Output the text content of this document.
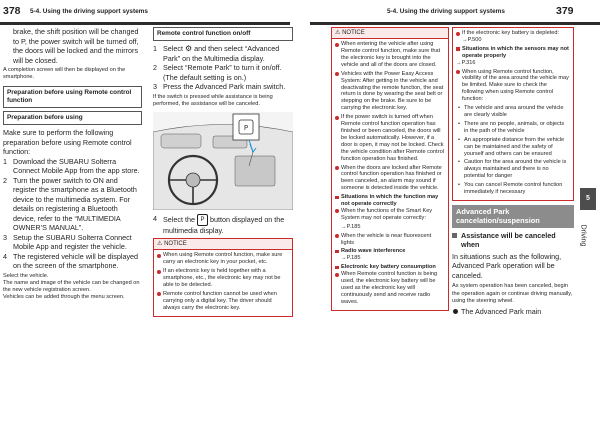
378 5-4. Using the driving support systems	5-4. Using the driving support systems	379
5
Driving
brake, the shift position will be changed to P, the power switch will be turned off, the doors will be locked and the mirrors will be closed.
A completion screen will then be displayed on the smartphone.
Preparation before using Remote control function
Preparation before using
Make sure to perform the following preparation before using Remote control function:
1 Download the SUBARU Solterra Connect Mobile App from the app store.
2 Turn the power switch to ON and register the smartphone as a Bluetooth device to the multimedia system. For details on registering a Bluetooth device, refer to the “MULTIMEDIA OWNER’S MANUAL”.
3 Setup the SUBARU Solterra Connect Mobile App and register the vehicle.
4 The registered vehicle will be displayed on the screen of the smartphone.
Select the vehicle.
The name and image of the vehicle can be changed on the new vehicle registration screen.
Vehicles can be added through the menu screen.
Remote control function on/off
1 Select ⚙ and then select “Advanced Park” on the Multimedia display.
2 Select “Remote Park” to turn it on/off. (The default setting is on.)
3 Press the Advanced Park main switch.
If the switch is pressed while assistance is being performed, the assistance will be canceled.
P
4 Select the P button displayed on the multimedia display.
⚠ NOTICE
When using Remote control function, make sure carry an electronic key in your pocket, etc.
If an electronic key is held together with a smartphone, etc., the electronic key may not be able to be detected.
Remote control function cannot be used when carrying only a digital key. The driver should always carry the electronic key.
⚠ NOTICE
When entering the vehicle after using Remote control function, make sure that the electronic key is brought into the vehicle and all of the doors are closed.
Vehicles with the Power Easy Access System: After getting in the vehicle and deactivating the remote function, the seat return is done by wearing the seat belt or stepping on the brake. Be sure to be carrying the electronic key.
If the power switch is turned off when Remote control function operation has finished or been canceled, the doors will be locked automatically. However, if a door is open, it may not be locked. Check the vehicle condition after Remote control function operation has finished.
When the doors are locked after Remote control function operation has finished or been canceled, an alarm may sound if someone is detected inside the vehicle.
Situations in which the function may not operate correctly
When the functions of the Smart Key System may not operate correctly:
→P.185
When the vehicle is near fluorescent lights
Radio wave interference
→P.185
Electronic key battery consumption
When Remote control function is being used, the electronic key battery will be used as the electronic key will continuously send and receive radio waves.
If the electronic key battery is depleted: →P.500
Situations in which the sensors may not operate properly
→P.316
When using Remote control function, visibility of the area around the vehicle may be limited. Make sure to check the following when using Remote control function:
• The vehicle and area around the vehicle are clearly visible
• There are no people, animals, or objects in the path of the vehicle
• An appropriate distance from the vehicle can be maintained and the safety of yourself and others can be ensured
• Caution for the area around the vehicle is always maintained and there is no potential for danger
• You can cancel Remote control function immediately if necessary
Advanced Park cancelation/suspension
Assistance will be canceled when
In situations such as the following, Advanced Park operation will be canceled.
As system operation has been canceled, begin the operation again or continue driving manually, using the steering wheel.
The Advanced Park main
